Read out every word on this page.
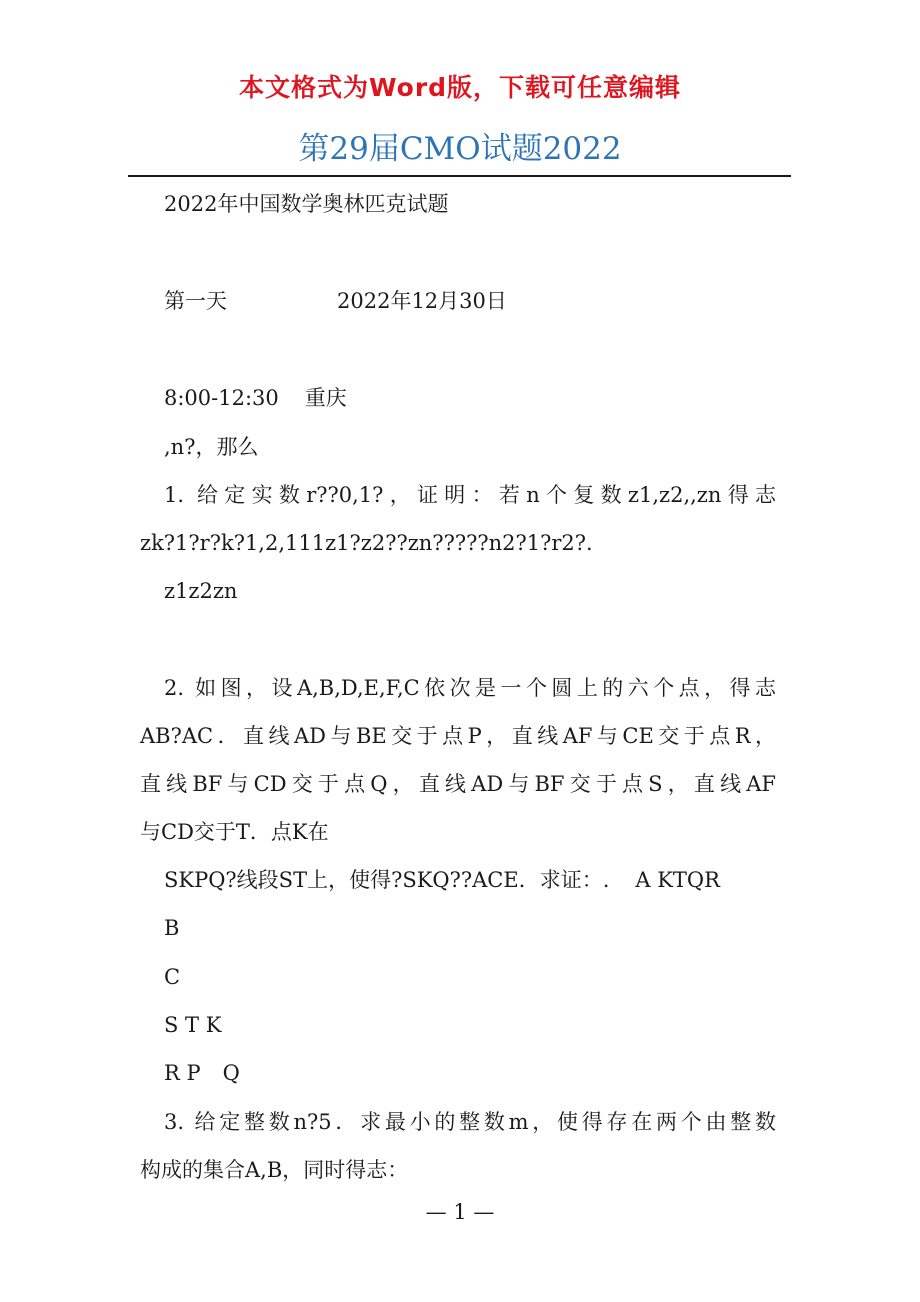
本文格式为Word版，下载可任意编辑
第29届CMO试题2022
2022年中国数学奥林匹克试题
第一天	2022年12月30日
8:00-12:30 重庆
,n?，那么
1. 给定实数r??0,1?，证明：若n个复数z1,z2,,zn得志
zk?1?r?k?1,2,111z1?z2??zn?????n2?1?r2?.
z1z2zn
2. 如图，设A,B,D,E,F,C依次是一个圆上的六个点，得志
AB?AC．直线AD与BE交于点P，直线AF与CE交于点R，
直线BF与CD交于点Q，直线AD与BF交于点S，直线AF
与CD交于T．点K在
SKPQ?线段ST上，使得?SKQ??ACE．求证：. A KTQR
B
C
S T K
R P Q
3. 给定整数n?5．求最小的整数m，使得存在两个由整数
构成的集合A,B，同时得志：
— 1 —
